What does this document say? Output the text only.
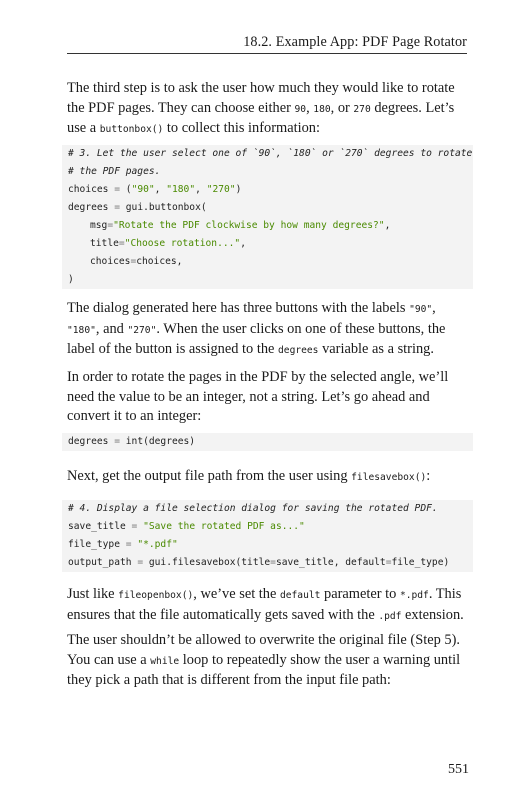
18.2. Example App: PDF Page Rotator

The third step is to ask the user how much they would like to rotate the PDF pages. They can choose either 90, 180, or 270 degrees. Let’s use a buttonbox() to collect this information:

# 3. Let the user select one of `90`, `180` or `270` degrees to rotate
# the PDF pages.
choices = ("90", "180", "270")
degrees = gui.buttonbox(
msg="Rotate the PDF clockwise by how many degrees?",
title="Choose rotation...",
choices=choices,
)

The dialog generated here has three buttons with the labels "90", "180", and "270". When the user clicks on one of these buttons, the label of the button is assigned to the degrees variable as a string.

In order to rotate the pages in the PDF by the selected angle, we’ll need the value to be an integer, not a string. Let’s go ahead and convert it to an integer:

degrees = int(degrees)

Next, get the output file path from the user using filesavebox():

# 4. Display a file selection dialog for saving the rotated PDF.
save_title = "Save the rotated PDF as..."
file_type = "*.pdf"
output_path = gui.filesavebox(title=save_title, default=file_type)

Just like fileopenbox(), we’ve set the default parameter to *.pdf. This ensures that the file automatically gets saved with the .pdf extension.

The user shouldn’t be allowed to overwrite the original file (Step 5). You can use a while loop to repeatedly show the user a warning until they pick a path that is different from the input file path:

551
